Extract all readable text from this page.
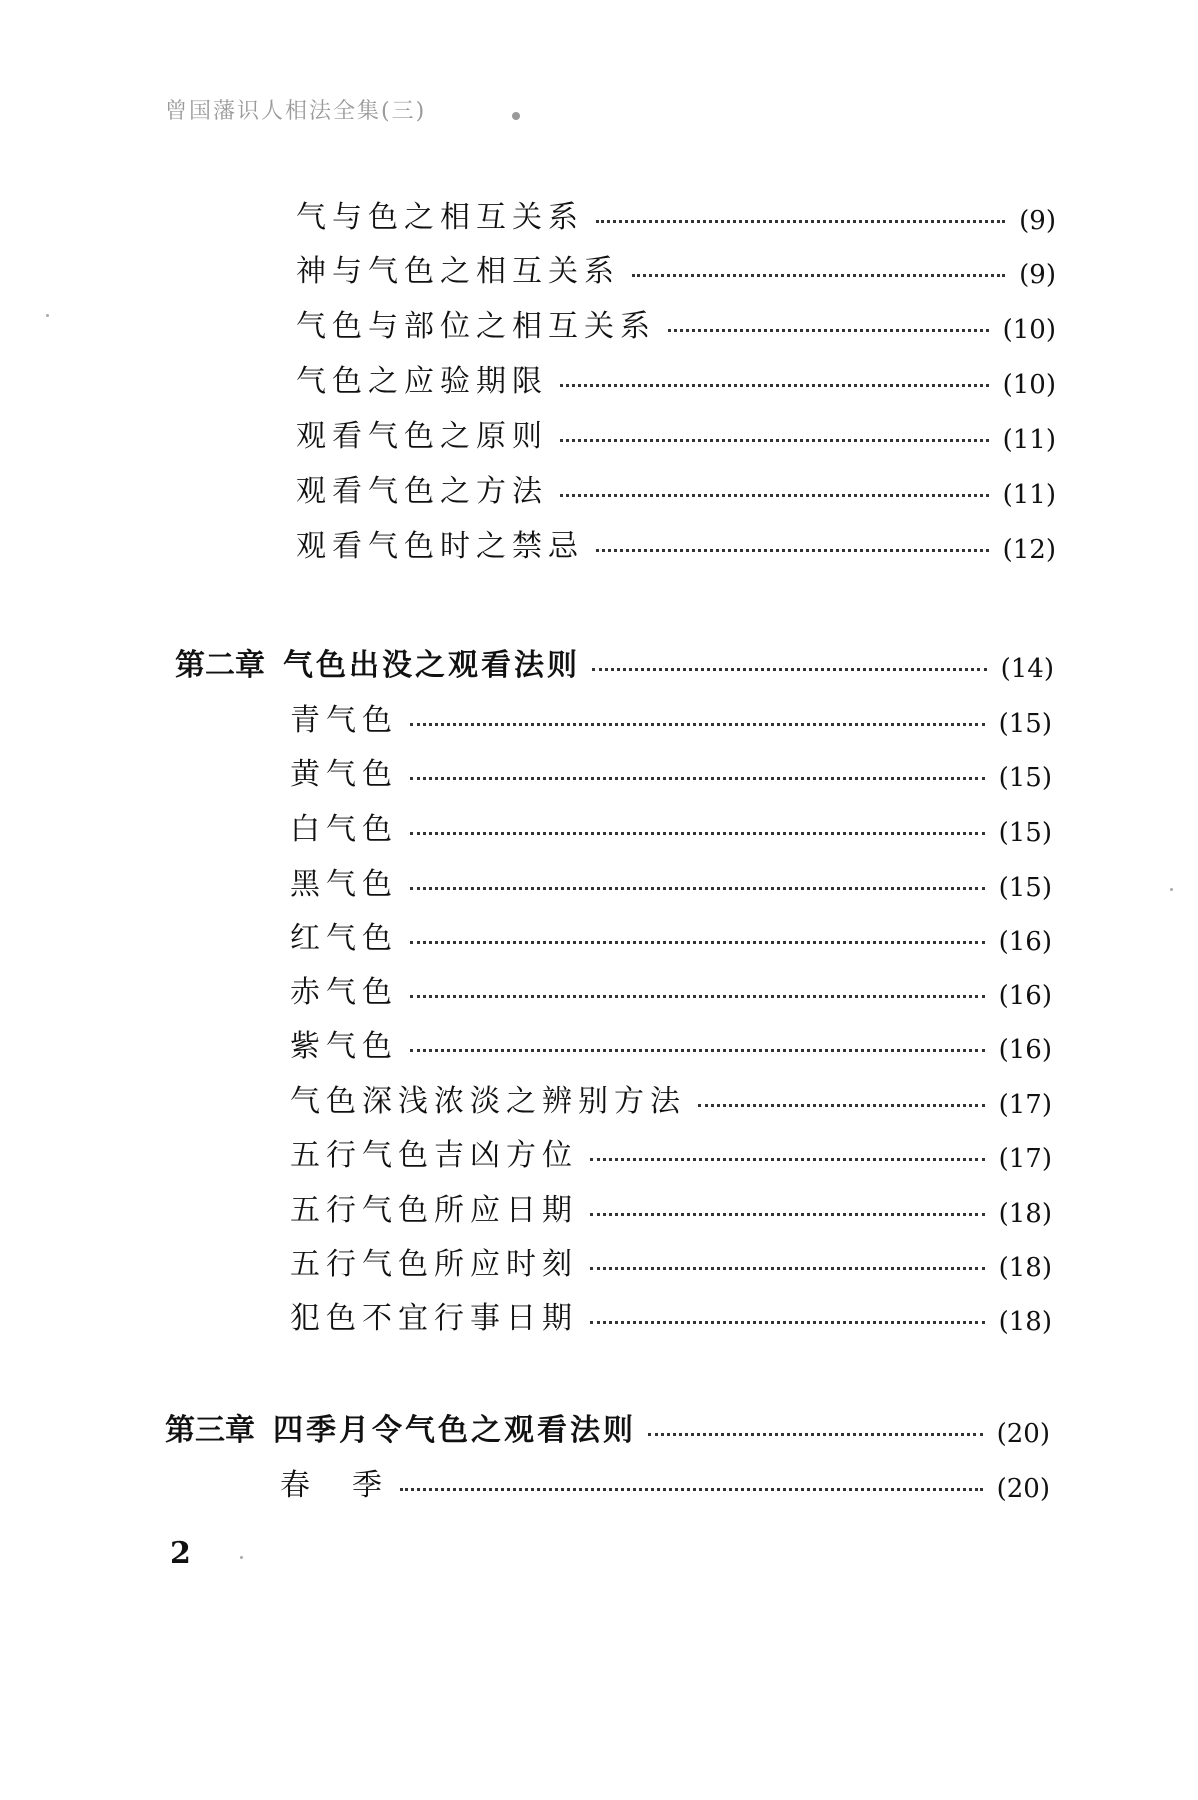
曾国藩识人相法全集(三)
气与色之相互关系	(9)
神与气色之相互关系	(9)
气色与部位之相互关系	(10)
气色之应验期限	(10)
观看气色之原则	(11)
观看气色之方法	(11)
观看气色时之禁忌	(12)
第二章 气色出没之观看法则	(14)
青气色	(15)
黄气色	(15)
白气色	(15)
黑气色	(15)
红气色	(16)
赤气色	(16)
紫气色	(16)
气色深浅浓淡之辨别方法	(17)
五行气色吉凶方位	(17)
五行气色所应日期	(18)
五行气色所应时刻	(18)
犯色不宜行事日期	(18)
第三章 四季月令气色之观看法则	(20)
春　季	(20)
2
